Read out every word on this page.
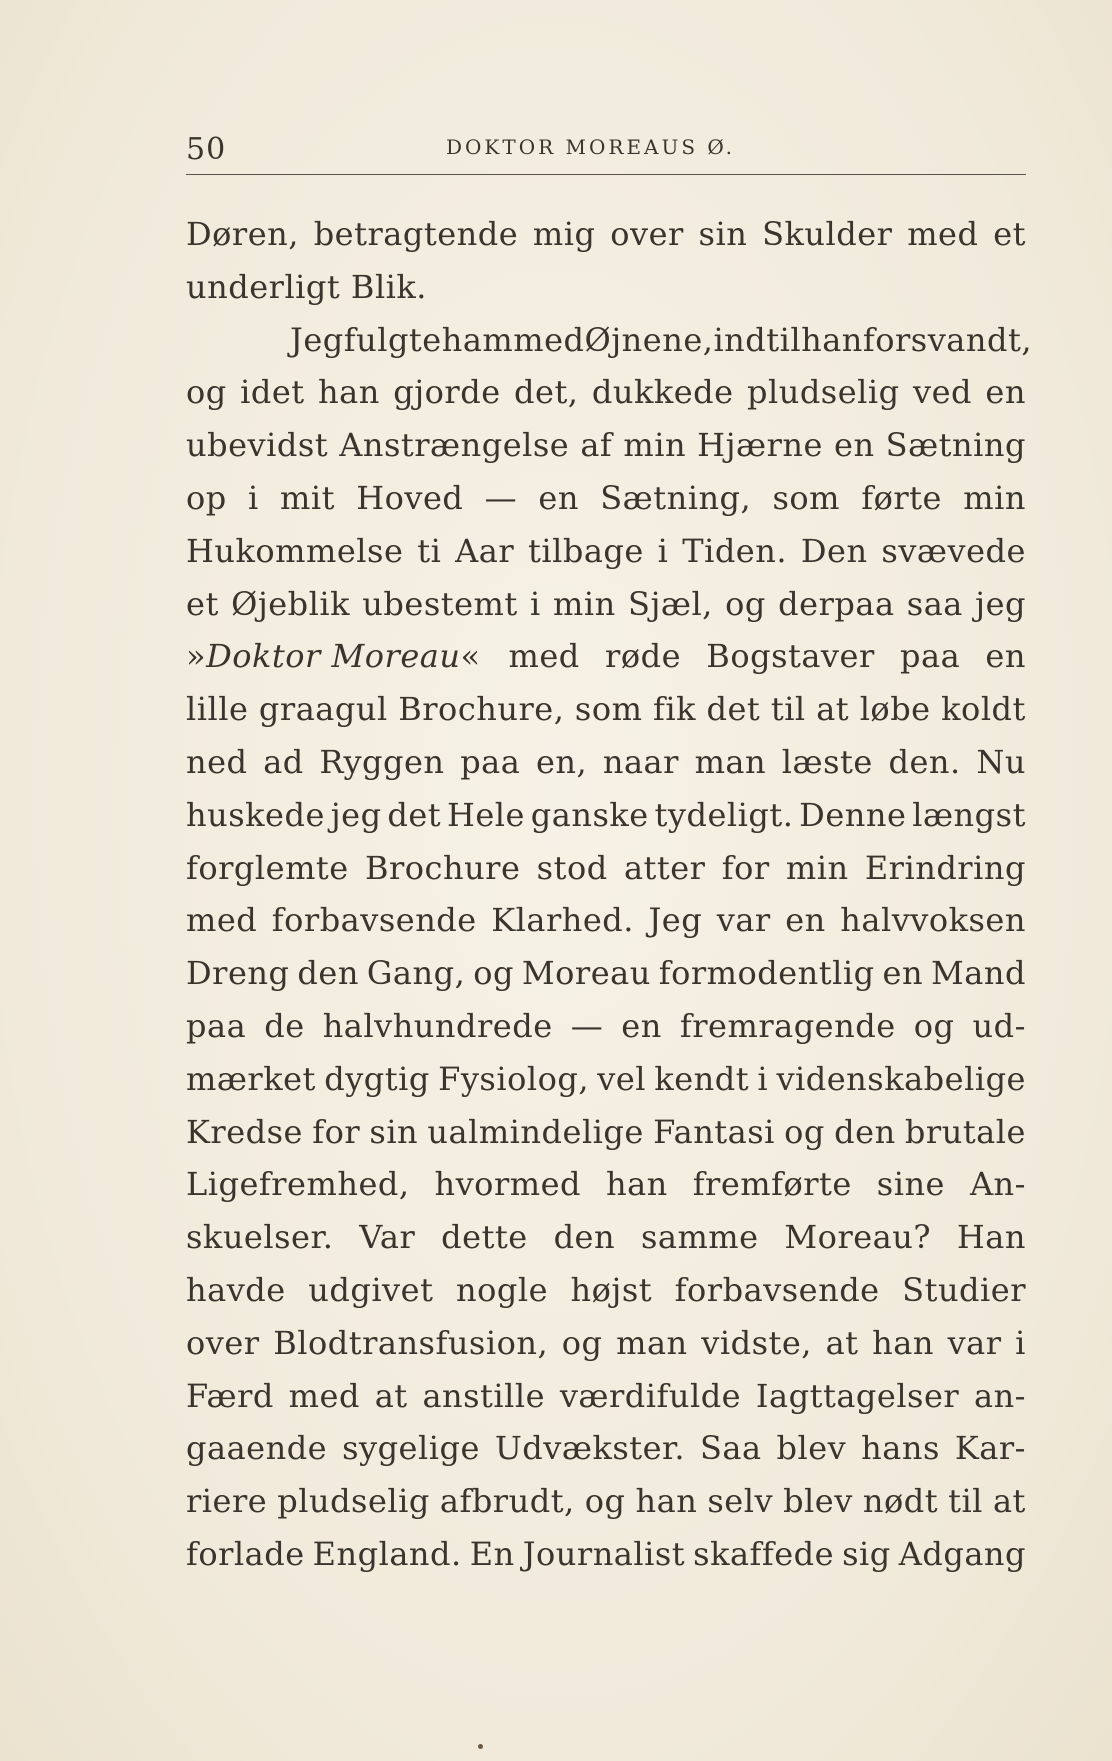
50	DOKTOR MOREAUS Ø.
Døren, betragtende mig over sin Skulder med et
underligt Blik.
Jeg fulgte ham med Øjnene, indtil han forsvandt,
og idet han gjorde det, dukkede pludselig ved en
ubevidst Anstrængelse af min Hjærne en Sætning
op i mit Hoved — en Sætning, som førte min
Hukommelse ti Aar tilbage i Tiden. Den svævede
et Øjeblik ubestemt i min Sjæl, og derpaa saa jeg
»Doktor Moreau« med røde Bogstaver paa en
lille graagul Brochure, som fik det til at løbe koldt
ned ad Ryggen paa en, naar man læste den. Nu
huskede jeg det Hele ganske tydeligt. Denne længst
forglemte Brochure stod atter for min Erindring
med forbavsende Klarhed. Jeg var en halvvoksen
Dreng den Gang, og Moreau formodentlig en Mand
paa de halvhundrede — en fremragende og ud-
mærket dygtig Fysiolog, vel kendt i videnskabelige
Kredse for sin ualmindelige Fantasi og den brutale
Ligefremhed, hvormed han fremførte sine An-
skuelser. Var dette den samme Moreau? Han
havde udgivet nogle højst forbavsende Studier
over Blodtransfusion, og man vidste, at han var i
Færd med at anstille værdifulde Iagttagelser an-
gaaende sygelige Udvækster. Saa blev hans Kar-
riere pludselig afbrudt, og han selv blev nødt til at
forlade England. En Journalist skaffede sig Adgang
